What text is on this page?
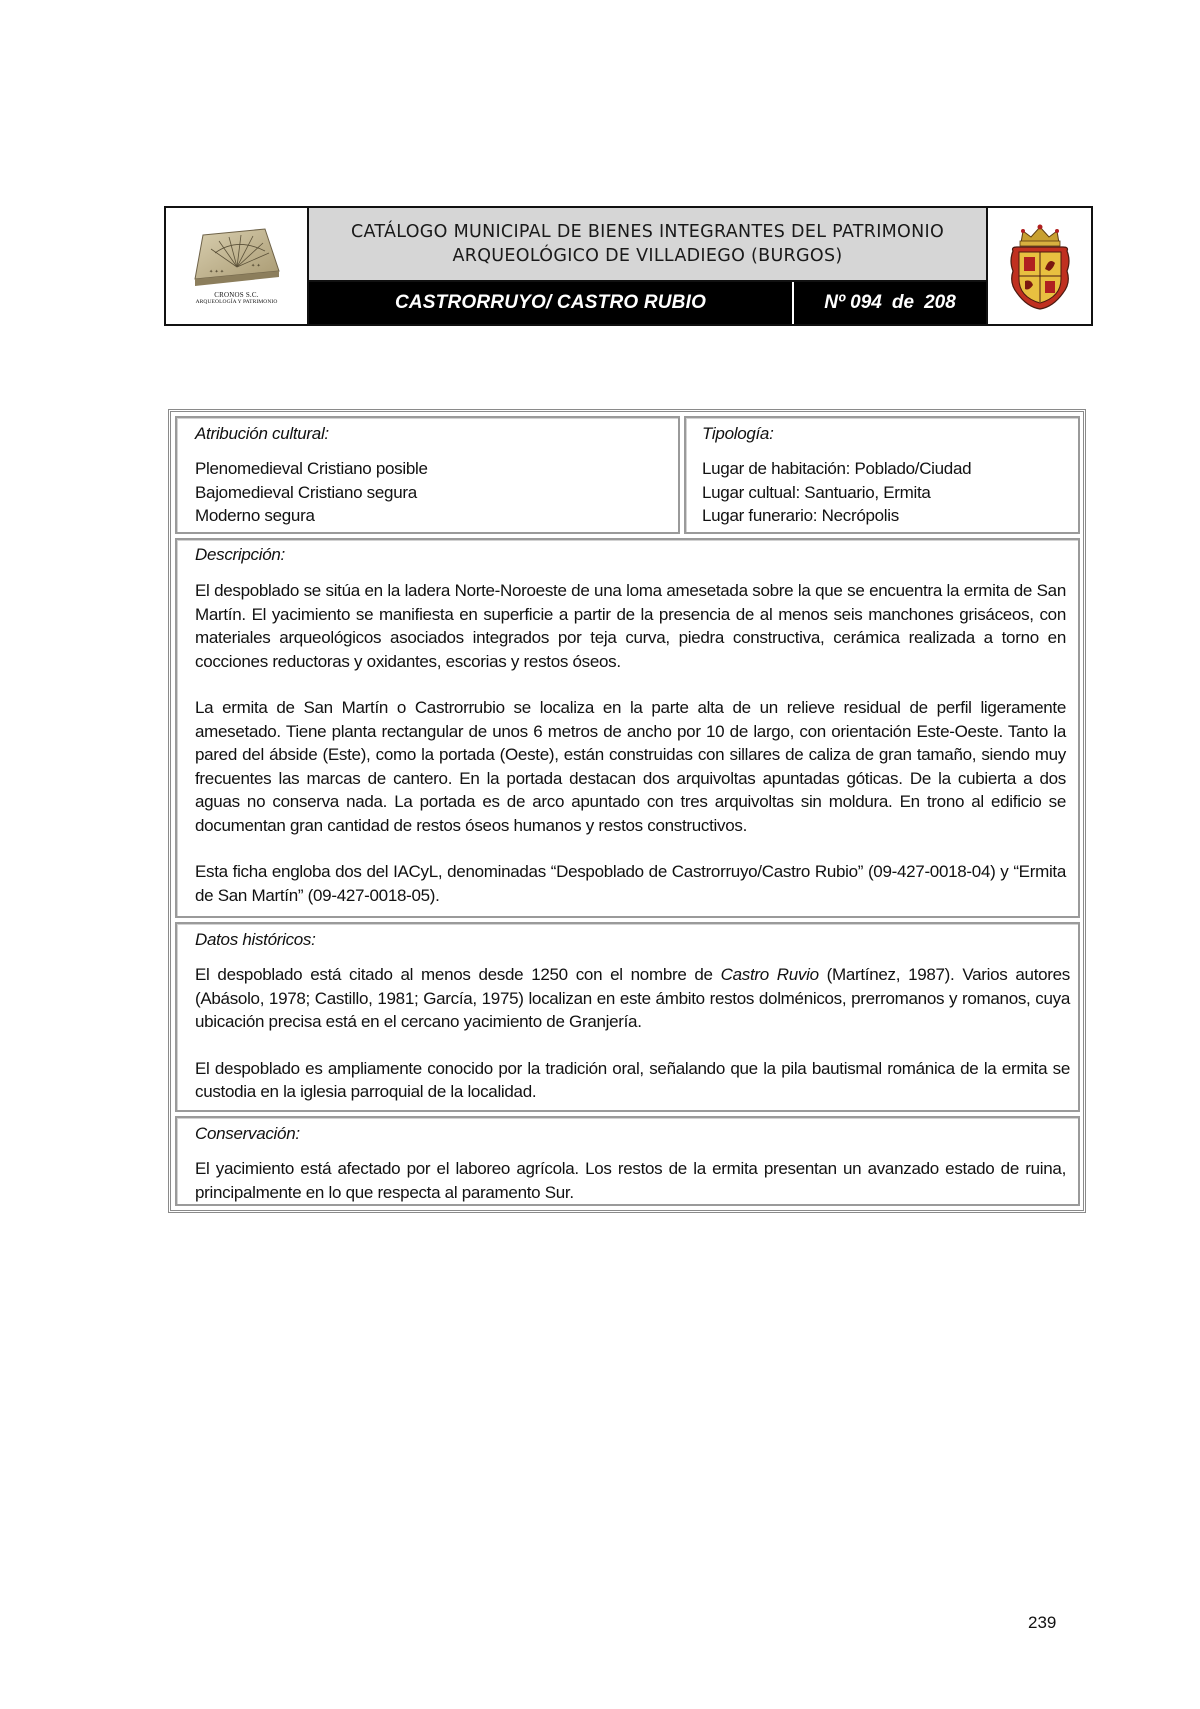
✦ ✦ ✦
✦ ✦
CRONOS S.C.
ARQUEOLOGÍA Y PATRIMONIO
CATÁLOGO MUNICIPAL DE BIENES INTEGRANTES DEL PATRIMONIO
ARQUEOLÓGICO DE VILLADIEGO (BURGOS)
CASTRORRUYO/ CASTRO RUBIO	Nº 094 de 208
Atribución cultural:
Plenomedieval Cristiano posible
Bajomedieval Cristiano segura
Moderno segura
Tipología:
Lugar de habitación: Poblado/Ciudad
Lugar cultual: Santuario, Ermita
Lugar funerario: Necrópolis
Descripción:

El despoblado se sitúa en la ladera Norte-Noroeste de una loma amesetada sobre la que se encuentra la ermita de San Martín. El yacimiento se manifiesta en superficie a partir de la presencia de al menos seis manchones grisáceos, con materiales arqueológicos asociados integrados por teja curva, piedra constructiva, cerámica realizada a torno en cocciones reductoras y oxidantes, escorias y restos óseos.

La ermita de San Martín o Castrorrubio se localiza en la parte alta de un relieve residual de perfil ligeramente amesetado. Tiene planta rectangular de unos 6 metros de ancho por 10 de largo, con orientación Este-Oeste. Tanto la pared del ábside (Este), como la portada (Oeste), están construidas con sillares de caliza de gran tamaño, siendo muy frecuentes las marcas de cantero. En la portada destacan dos arquivoltas apuntadas góticas. De la cubierta a dos aguas no conserva nada. La portada es de arco apuntado con tres arquivoltas sin moldura. En trono al edificio se documentan gran cantidad de restos óseos humanos y restos constructivos.

Esta ficha engloba dos del IACyL, denominadas “Despoblado de Castrorruyo/Castro Rubio” (09-427-0018-04) y “Ermita de San Martín” (09-427-0018-05).

Datos históricos:

El despoblado está citado al menos desde 1250 con el nombre de Castro Ruvio (Martínez, 1987). Varios autores (Abásolo, 1978; Castillo, 1981; García, 1975) localizan en este ámbito restos dolménicos, prerromanos y romanos, cuya ubicación precisa está en el cercano yacimiento de Granjería.

El despoblado es ampliamente conocido por la tradición oral, señalando que la pila bautismal románica de la ermita se custodia en la iglesia parroquial de la localidad.

Conservación:

El yacimiento está afectado por el laboreo agrícola. Los restos de la ermita presentan un avanzado estado de ruina, principalmente en lo que respecta al paramento Sur.

239
